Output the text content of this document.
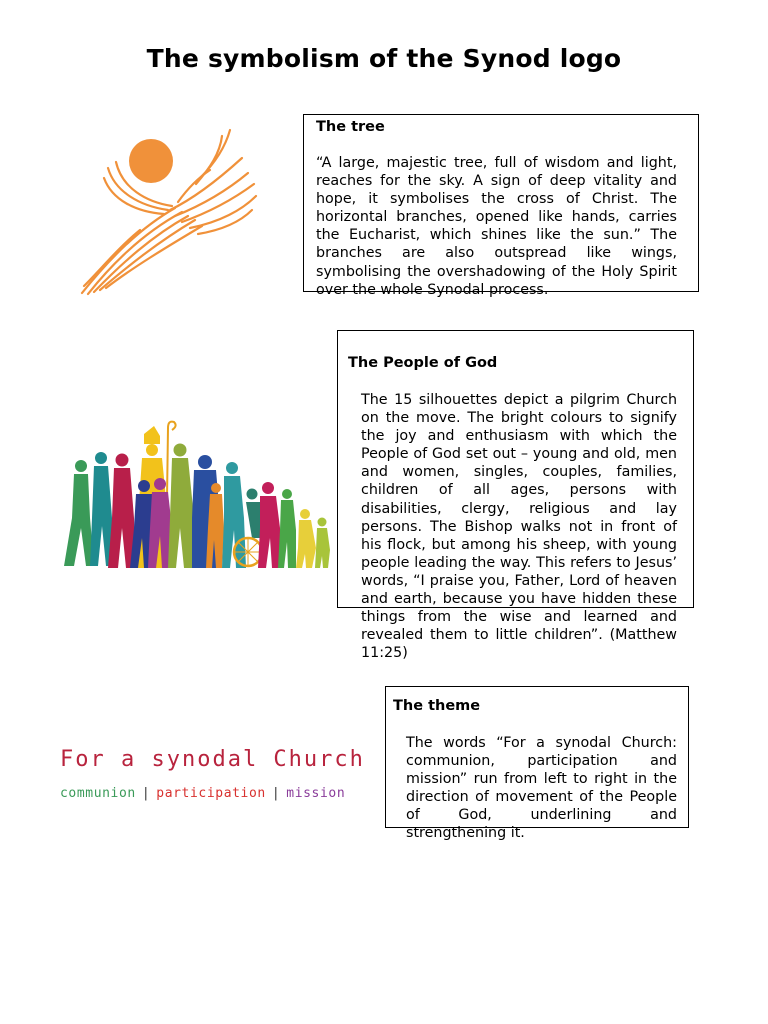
The symbolism of the Synod logo
For a synodal Church
communion | participation | mission
The tree
“A large, majestic tree, full of wisdom and light, reaches for the sky. A sign of deep vitality and hope, it symbolises the cross of Christ. The horizontal branches, opened like hands, carries the Eucharist, which shines like the sun.” The branches are also outspread like wings, symbolising the overshadowing of the Holy Spirit over the whole Synodal process.
The People of God
The 15 silhouettes depict a pilgrim Church on the move. The bright colours to signify the joy and enthusiasm with which the People of God set out – young and old, men and women, singles, couples, families, children of all ages, persons with disabilities, clergy, religious and lay persons. The Bishop walks not in front of his flock, but among his sheep, with young people leading the way. This refers to Jesus’ words, “I praise you, Father, Lord of heaven and earth, because you have hidden these things from the wise and learned and revealed them to little children”. (Matthew 11:25)
The theme
The words “For a synodal Church: communion, participation and mission” run from left to right in the direction of movement of the People of God, underlining and strengthening it.
